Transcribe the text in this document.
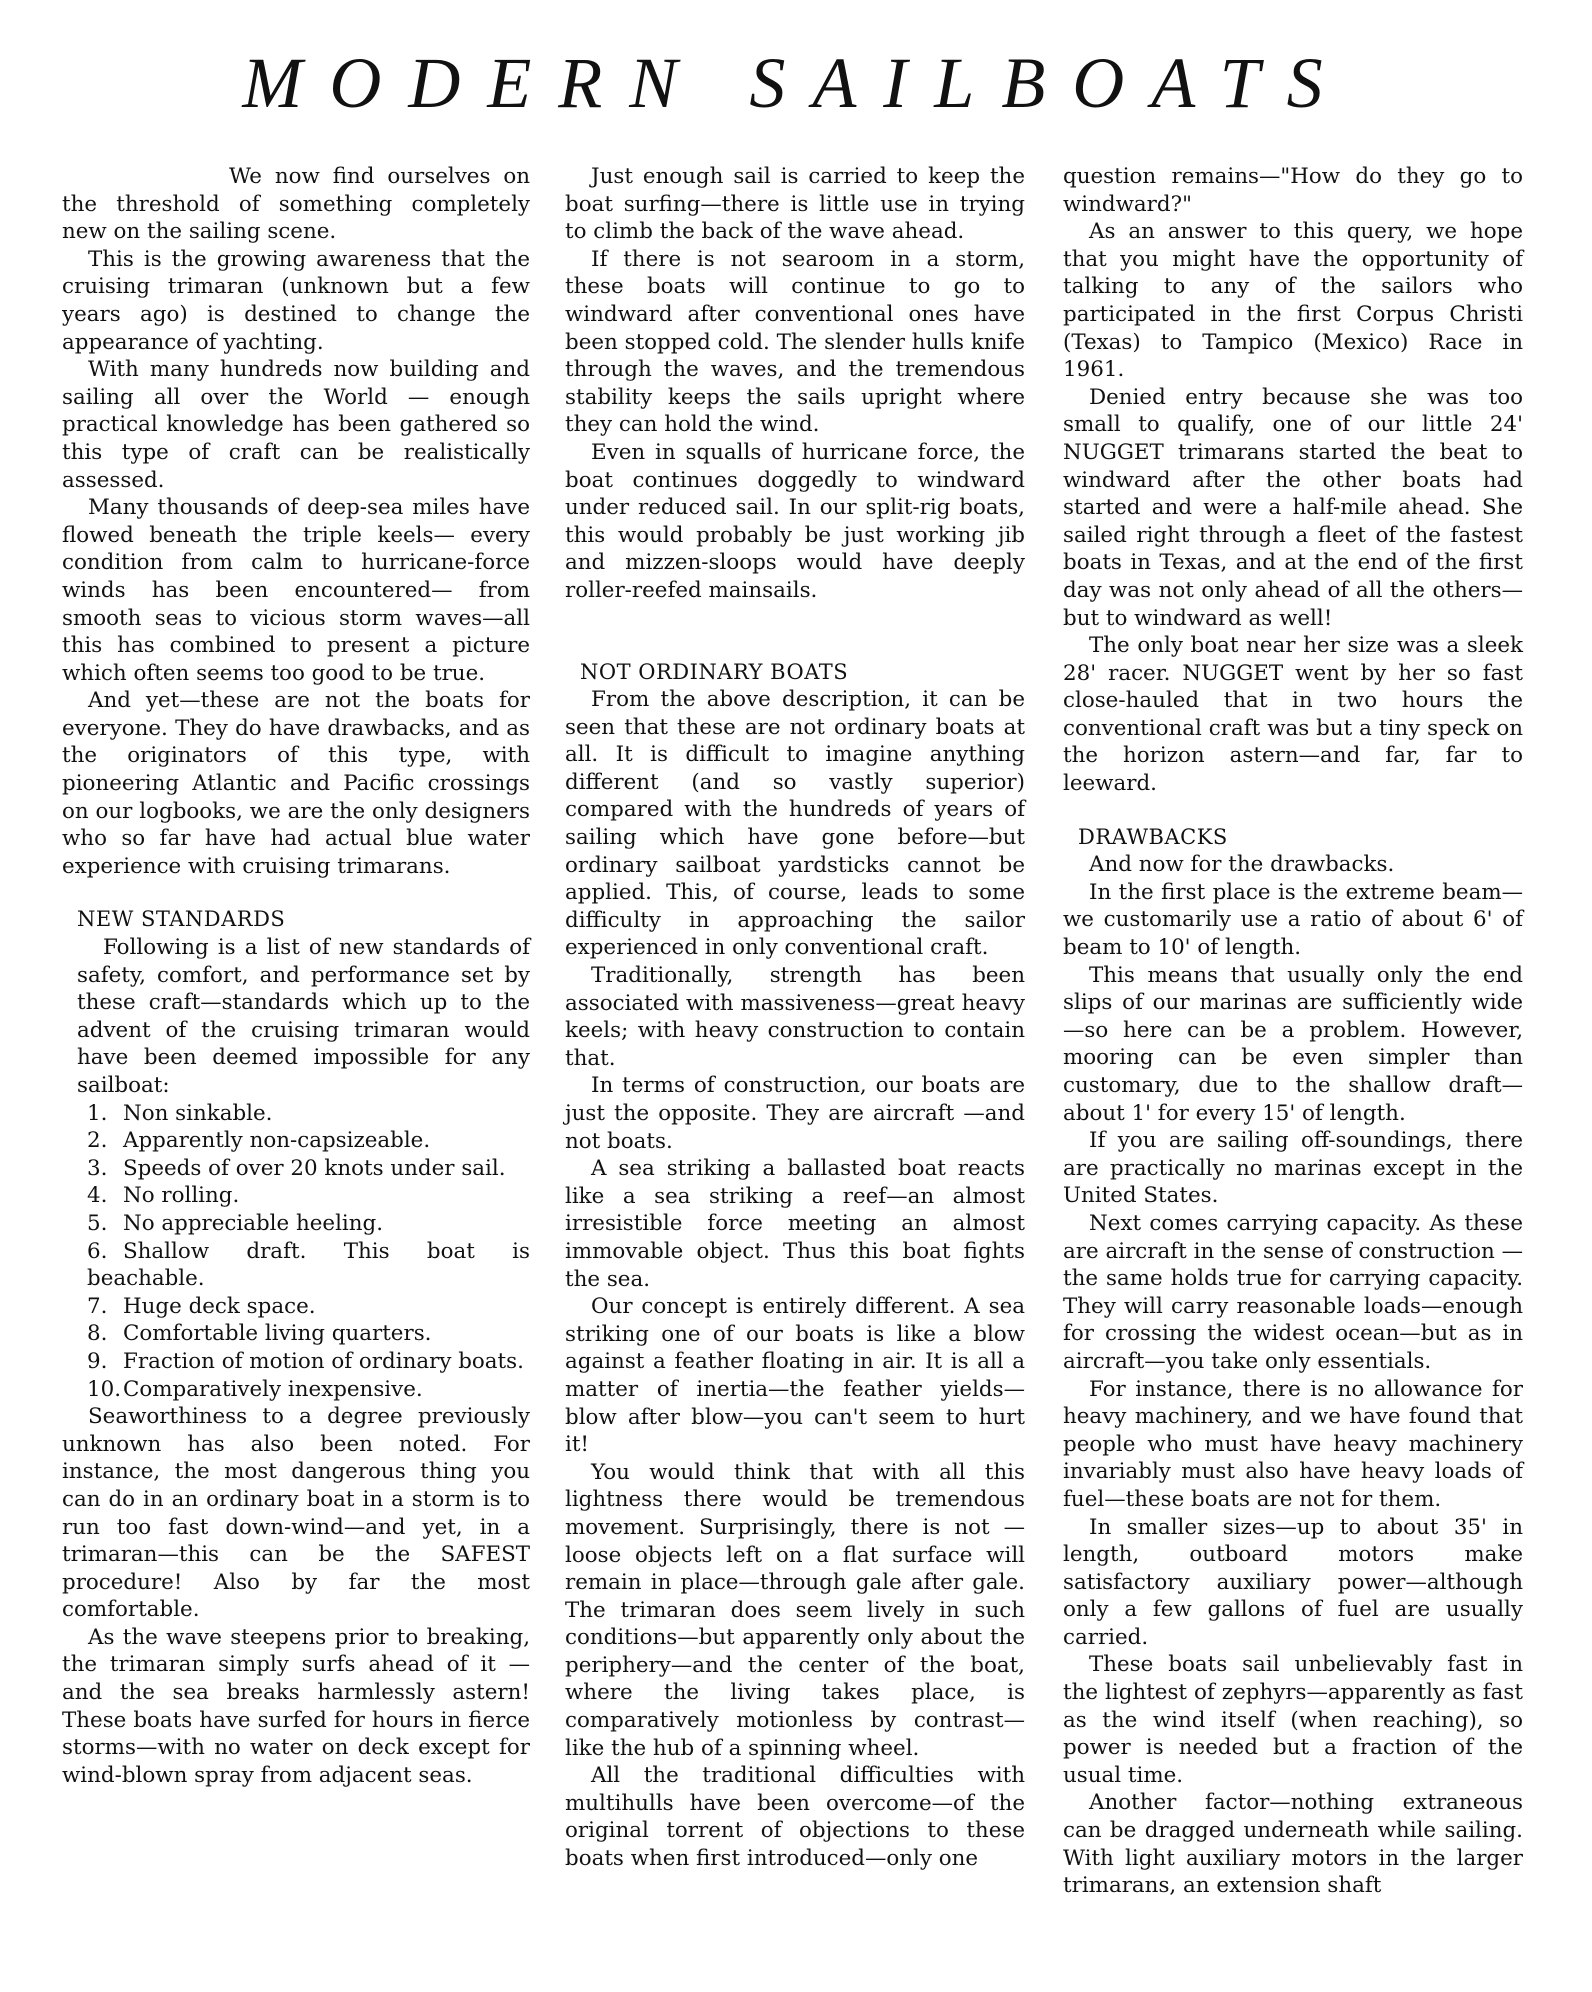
MODERN SAILBOATS

We now find ourselves on the threshold of something completely new on the sailing scene.

This is the growing awareness that the cruising trimaran (unknown but a few years ago) is destined to change the appearance of yachting.

With many hundreds now building and sailing all over the World — enough practical knowledge has been gathered so this type of craft can be realistically assessed.

Many thousands of deep-sea miles have flowed beneath the triple keels— every condition from calm to hurricane-force winds has been encountered— from smooth seas to vicious storm waves—all this has combined to present a picture which often seems too good to be true.

And yet—these are not the boats for everyone. They do have drawbacks, and as the originators of this type, with pioneering Atlantic and Pacific crossings on our logbooks, we are the only designers who so far have had actual blue water experience with cruising trimarans.

NEW STANDARDS

Following is a list of new standards of safety, comfort, and performance set by these craft—standards which up to the advent of the cruising trimaran would have been deemed impossible for any sailboat:

1. Non sinkable.
2. Apparently non-capsizeable.
3. Speeds of over 20 knots under sail.
4. No rolling.
5. No appreciable heeling.
6. Shallow draft. This boat is beachable.
7. Huge deck space.
8. Comfortable living quarters.
9. Fraction of motion of ordinary boats.
10.Comparatively inexpensive.

Seaworthiness to a degree previously unknown has also been noted. For instance, the most dangerous thing you can do in an ordinary boat in a storm is to run too fast down-wind—and yet, in a trimaran—this can be the SAFEST procedure! Also by far the most comfortable.

As the wave steepens prior to breaking, the trimaran simply surfs ahead of it — and the sea breaks harmlessly astern! These boats have surfed for hours in fierce storms—with no water on deck except for wind-blown spray from adjacent seas.

Just enough sail is carried to keep the boat surfing—there is little use in trying to climb the back of the wave ahead.

If there is not searoom in a storm, these boats will continue to go to windward after conventional ones have been stopped cold. The slender hulls knife through the waves, and the tremendous stability keeps the sails upright where they can hold the wind.

Even in squalls of hurricane force, the boat continues doggedly to windward under reduced sail. In our split-rig boats, this would probably be just working jib and mizzen-sloops would have deeply roller-reefed mainsails.

NOT ORDINARY BOATS

From the above description, it can be seen that these are not ordinary boats at all. It is difficult to imagine anything different (and so vastly superior) compared with the hundreds of years of sailing which have gone before—but ordinary sailboat yardsticks cannot be applied. This, of course, leads to some difficulty in approaching the sailor experienced in only conventional craft.

Traditionally, strength has been associated with massiveness—great heavy keels; with heavy construction to contain that.

In terms of construction, our boats are just the opposite. They are aircraft —and not boats.

A sea striking a ballasted boat reacts like a sea striking a reef—an almost irresistible force meeting an almost immovable object. Thus this boat fights the sea.

Our concept is entirely different. A sea striking one of our boats is like a blow against a feather floating in air. It is all a matter of inertia—the feather yields—blow after blow—you can't seem to hurt it!

You would think that with all this lightness there would be tremendous movement. Surprisingly, there is not —loose objects left on a flat surface will remain in place—through gale after gale. The trimaran does seem lively in such conditions—but apparently only about the periphery—and the center of the boat, where the living takes place, is comparatively motionless by contrast—like the hub of a spinning wheel.

All the traditional difficulties with multihulls have been overcome—of the original torrent of objections to these boats when first introduced—only one

question remains—"How do they go to windward?"

As an answer to this query, we hope that you might have the opportunity of talking to any of the sailors who participated in the first Corpus Christi (Texas) to Tampico (Mexico) Race in 1961.

Denied entry because she was too small to qualify, one of our little 24' NUGGET trimarans started the beat to windward after the other boats had started and were a half-mile ahead. She sailed right through a fleet of the fastest boats in Texas, and at the end of the first day was not only ahead of all the others—but to windward as well!

The only boat near her size was a sleek 28' racer. NUGGET went by her so fast close-hauled that in two hours the conventional craft was but a tiny speck on the horizon astern—and far, far to leeward.

DRAWBACKS

And now for the drawbacks.

In the first place is the extreme beam—we customarily use a ratio of about 6' of beam to 10' of length.

This means that usually only the end slips of our marinas are sufficiently wide—so here can be a problem. However, mooring can be even simpler than customary, due to the shallow draft— about 1' for every 15' of length.

If you are sailing off-soundings, there are practically no marinas except in the United States.

Next comes carrying capacity. As these are aircraft in the sense of construction — the same holds true for carrying capacity. They will carry reasonable loads—enough for crossing the widest ocean—but as in aircraft—you take only essentials.

For instance, there is no allowance for heavy machinery, and we have found that people who must have heavy machinery invariably must also have heavy loads of fuel—these boats are not for them.

In smaller sizes—up to about 35' in length, outboard motors make satisfactory auxiliary power—although only a few gallons of fuel are usually carried.

These boats sail unbelievably fast in the lightest of zephyrs—apparently as fast as the wind itself (when reaching), so power is needed but a fraction of the usual time.

Another factor—nothing extraneous can be dragged underneath while sailing. With light auxiliary motors in the larger trimarans, an extension shaft
